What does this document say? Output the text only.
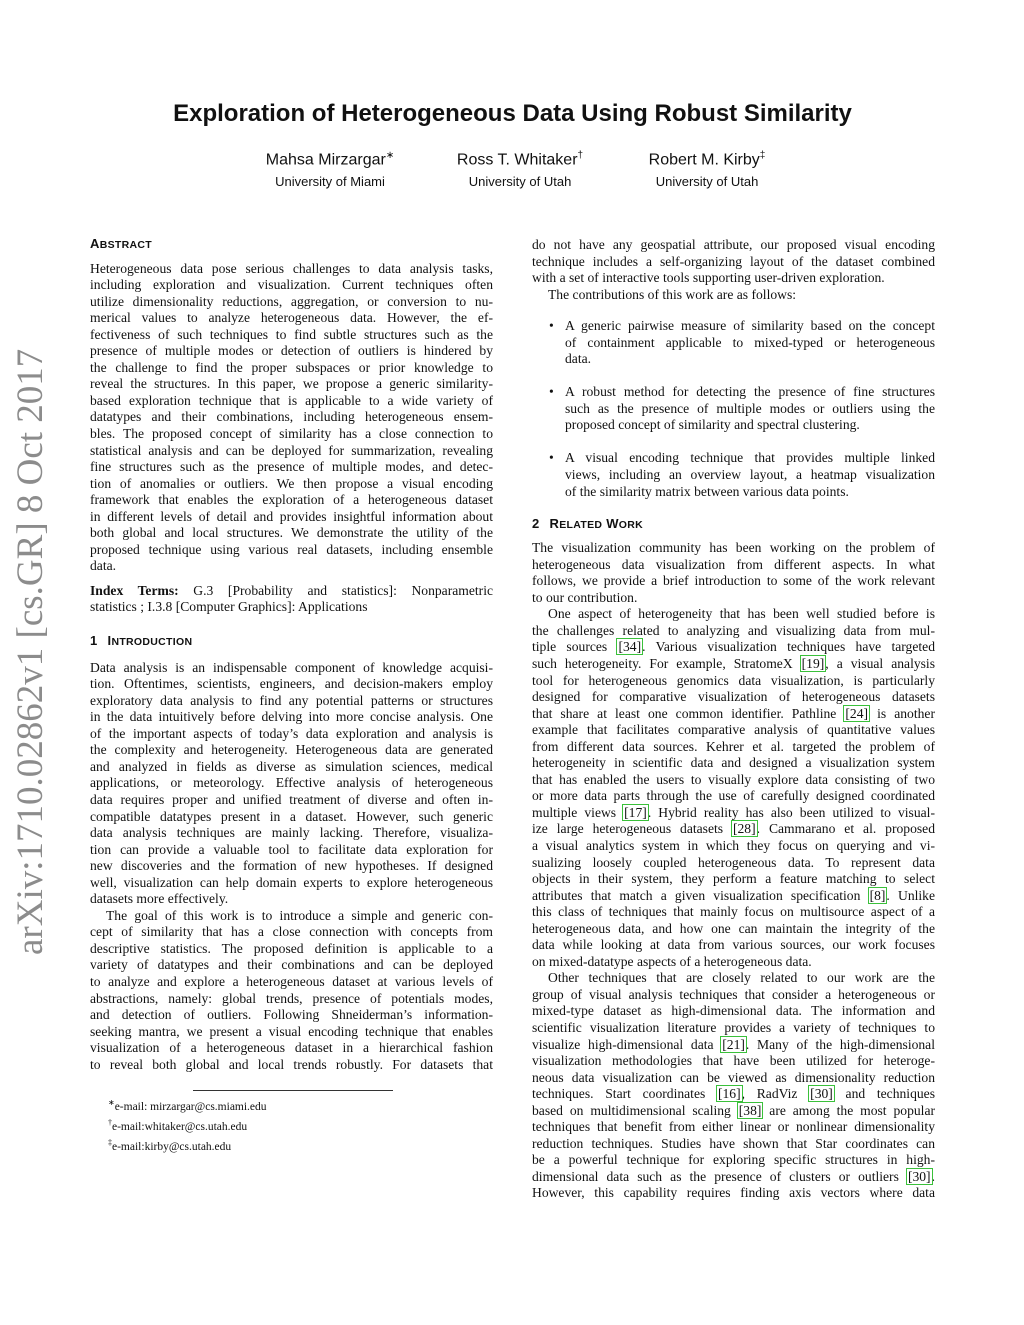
arXiv:1710.02862v1 [cs.GR] 8 Oct 2017
Exploration of Heterogeneous Data Using Robust Similarity
Mahsa Mirzargar∗
University of Miami
Ross T. Whitaker†
University of Utah
Robert M. Kirby‡
University of Utah
ABSTRACT

Heterogeneous data pose serious challenges to data analysis tasks,

including exploration and visualization. Current techniques often

utilize dimensionality reductions, aggregation, or conversion to nu-

merical values to analyze heterogeneous data. However, the ef-

fectiveness of such techniques to find subtle structures such as the

presence of multiple modes or detection of outliers is hindered by

the challenge to find the proper subspaces or prior knowledge to

reveal the structures. In this paper, we propose a generic similarity-

based exploration technique that is applicable to a wide variety of

datatypes and their combinations, including heterogeneous ensem-

bles. The proposed concept of similarity has a close connection to

statistical analysis and can be deployed for summarization, revealing

fine structures such as the presence of multiple modes, and detec-

tion of anomalies or outliers. We then propose a visual encoding

framework that enables the exploration of a heterogeneous dataset

in different levels of detail and provides insightful information about

both global and local structures. We demonstrate the utility of the

proposed technique using various real datasets, including ensemble

data.

Index Terms: G.3 [Probability and statistics]: Nonparametric

statistics ; I.3.8 [Computer Graphics]: Applications

1 INTRODUCTION

Data analysis is an indispensable component of knowledge acquisi-

tion. Oftentimes, scientists, engineers, and decision-makers employ

exploratory data analysis to find any potential patterns or structures

in the data intuitively before delving into more concise analysis. One

of the important aspects of today’s data exploration and analysis is

the complexity and heterogeneity. Heterogeneous data are generated

and analyzed in fields as diverse as simulation sciences, medical

applications, or meteorology. Effective analysis of heterogeneous

data requires proper and unified treatment of diverse and often in-

compatible datatypes present in a dataset. However, such generic

data analysis techniques are mainly lacking. Therefore, visualiza-

tion can provide a valuable tool to facilitate data exploration for

new discoveries and the formation of new hypotheses. If designed

well, visualization can help domain experts to explore heterogeneous

datasets more effectively.

The goal of this work is to introduce a simple and generic con-

cept of similarity that has a close connection with concepts from

descriptive statistics. The proposed definition is applicable to a

variety of datatypes and their combinations and can be deployed

to analyze and explore a heterogeneous dataset at various levels of

abstractions, namely: global trends, presence of potentials modes,

and detection of outliers. Following Shneiderman’s information-

seeking mantra, we present a visual encoding technique that enables

visualization of a heterogeneous dataset in a hierarchical fashion

to reveal both global and local trends robustly. For datasets that

∗e-mail: mirzargar@cs.miami.edu
†e-mail:whitaker@cs.utah.edu
‡e-mail:kirby@cs.utah.edu

do not have any geospatial attribute, our proposed visual encoding

technique includes a self-organizing layout of the dataset combined

with a set of interactive tools supporting user-driven exploration.

The contributions of this work are as follows:

• A generic pairwise measure of similarity based on the concept

of containment applicable to mixed-typed or heterogeneous

data.

• A robust method for detecting the presence of fine structures

such as the presence of multiple modes or outliers using the

proposed concept of similarity and spectral clustering.

• A visual encoding technique that provides multiple linked

views, including an overview layout, a heatmap visualization

of the similarity matrix between various data points.

2 RELATED WORK

The visualization community has been working on the problem of

heterogeneous data visualization from different aspects. In what

follows, we provide a brief introduction to some of the work relevant

to our contribution.

One aspect of heterogeneity that has been well studied before is

the challenges related to analyzing and visualizing data from mul-

tiple sources [34]. Various visualization techniques have targeted

such heterogeneity. For example, StratomeX [19], a visual analysis

tool for heterogeneous genomics data visualization, is particularly

designed for comparative visualization of heterogeneous datasets

that share at least one common identifier. Pathline [24] is another

example that facilitates comparative analysis of quantitative values

from different data sources. Kehrer et al. targeted the problem of

heterogeneity in scientific data and designed a visualization system

that has enabled the users to visually explore data consisting of two

or more data parts through the use of carefully designed coordinated

multiple views [17]. Hybrid reality has also been utilized to visual-

ize large heterogeneous datasets [28]. Cammarano et al. proposed

a visual analytics system in which they focus on querying and vi-

sualizing loosely coupled heterogeneous data. To represent data

objects in their system, they perform a feature matching to select

attributes that match a given visualization specification [8]. Unlike

this class of techniques that mainly focus on multisource aspect of a

heterogeneous data, and how one can maintain the integrity of the

data while looking at data from various sources, our work focuses

on mixed-datatype aspects of a heterogeneous data.

Other techniques that are closely related to our work are the

group of visual analysis techniques that consider a heterogeneous or

mixed-type dataset as high-dimensional data. The information and

scientific visualization literature provides a variety of techniques to

visualize high-dimensional data [21]. Many of the high-dimensional

visualization methodologies that have been utilized for heteroge-

neous data visualization can be viewed as dimensionality reduction

techniques. Start coordinates [16], RadViz [30] and techniques

based on multidimensional scaling [38] are among the most popular

techniques that benefit from either linear or nonlinear dimensionality

reduction techniques. Studies have shown that Star coordinates can

be a powerful technique for exploring specific structures in high-

dimensional data such as the presence of clusters or outliers [30].

However, this capability requires finding axis vectors where data
